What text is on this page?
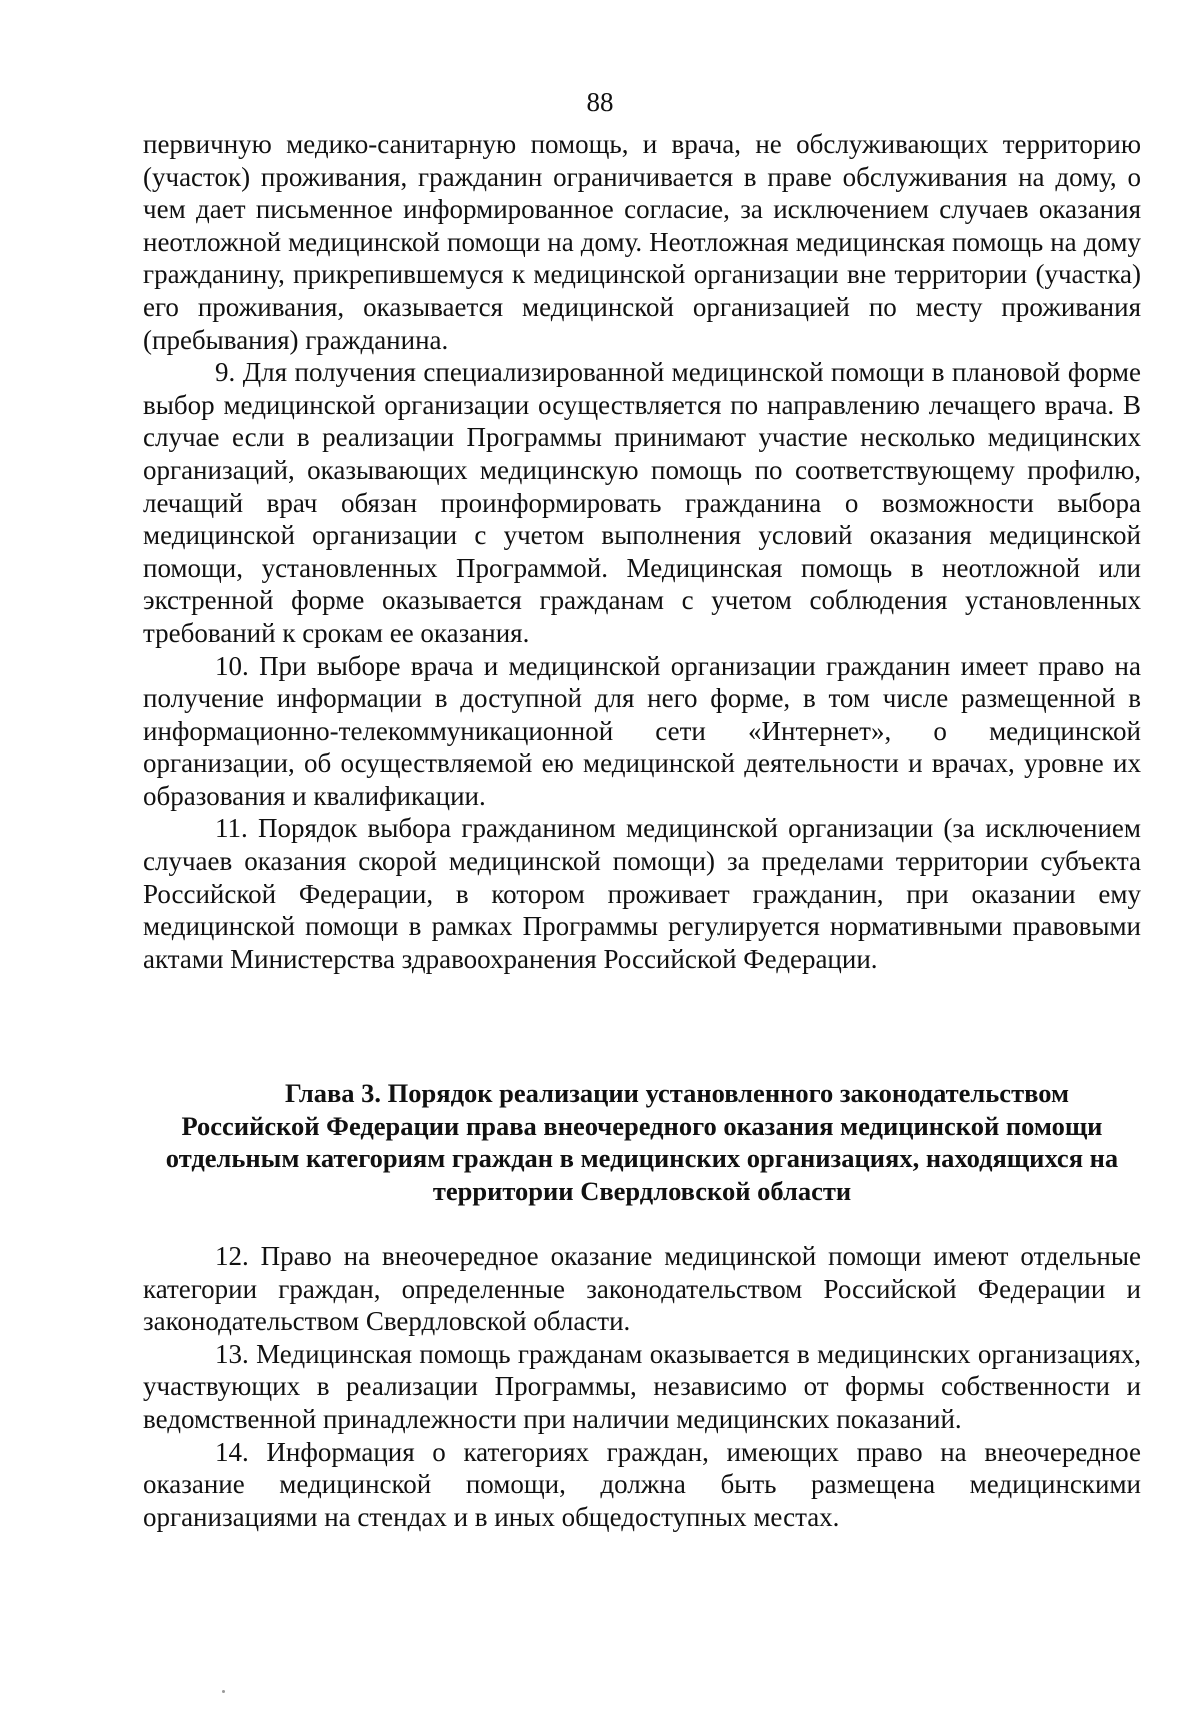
88

первичную медико-санитарную помощь, и врача, не обслуживающих территорию (участок) проживания, гражданин ограничивается в праве обслуживания на дому, о чем дает письменное информированное согласие, за исключением случаев оказания неотложной медицинской помощи на дому. Неотложная медицинская помощь на дому гражданину, прикрепившемуся к медицинской организации вне территории (участка) его проживания, оказывается медицинской организацией по месту проживания (пребывания) гражданина.

9. Для получения специализированной медицинской помощи в плановой форме выбор медицинской организации осуществляется по направлению лечащего врача. В случае если в реализации Программы принимают участие несколько медицинских организаций, оказывающих медицинскую помощь по соответствующему профилю, лечащий врач обязан проинформировать гражданина о возможности выбора медицинской организации с учетом выполнения условий оказания медицинской помощи, установленных Программой. Медицинская помощь в неотложной или экстренной форме оказывается гражданам с учетом соблюдения установленных требований к срокам ее оказания.

10. При выборе врача и медицинской организации гражданин имеет право на получение информации в доступной для него форме, в том числе размещенной в информационно-телекоммуникационной сети «Интернет», о медицинской организации, об осуществляемой ею медицинской деятельности и врачах, уровне их образования и квалификации.

11. Порядок выбора гражданином медицинской организации (за исключением случаев оказания скорой медицинской помощи) за пределами территории субъекта Российской Федерации, в котором проживает гражданин, при оказании ему медицинской помощи в рамках Программы регулируется нормативными правовыми актами Министерства здравоохранения Российской Федерации.

Глава 3. Порядок реализации установленного законодательством
Российской Федерации права внеочередного оказания медицинской помощи отдельным категориям граждан в медицинских организациях, находящихся на территории Свердловской области

12. Право на внеочередное оказание медицинской помощи имеют отдельные категории граждан, определенные законодательством Российской Федерации и законодательством Свердловской области.

13. Медицинская помощь гражданам оказывается в медицинских организациях, участвующих в реализации Программы, независимо от формы собственности и ведомственной принадлежности при наличии медицинских показаний.

14. Информация о категориях граждан, имеющих право на внеочередное оказание медицинской помощи, должна быть размещена медицинскими организациями на стендах и в иных общедоступных местах.
